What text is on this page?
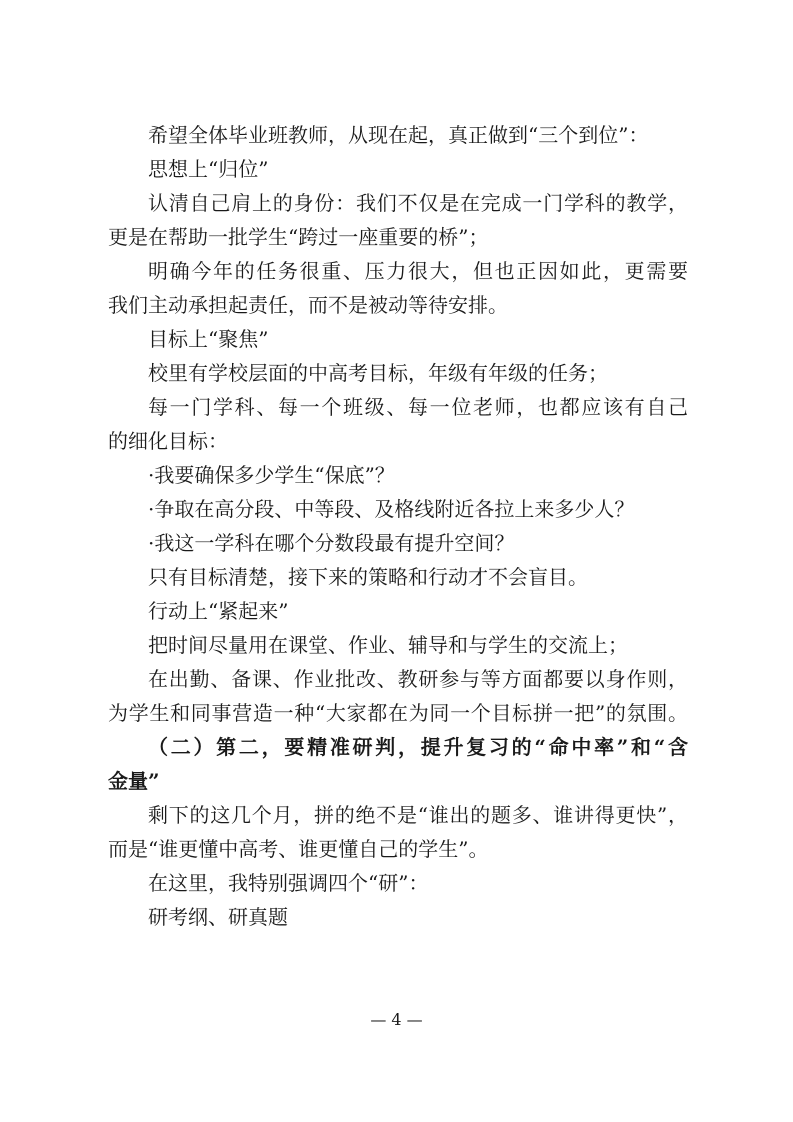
希望全体毕业班教师，从现在起，真正做到“三个到位”：
思想上“归位”
认清自己肩上的身份：我们不仅是在完成一门学科的教学，
更是在帮助一批学生“跨过一座重要的桥”；
明确今年的任务很重、压力很大，但也正因如此，更需要
我们主动承担起责任，而不是被动等待安排。
目标上“聚焦”
校里有学校层面的中高考目标，年级有年级的任务；
每一门学科、每一个班级、每一位老师，也都应该有自己
的细化目标：
·我要确保多少学生“保底”？
·争取在高分段、中等段、及格线附近各拉上来多少人？
·我这一学科在哪个分数段最有提升空间？
只有目标清楚，接下来的策略和行动才不会盲目。
行动上“紧起来”
把时间尽量用在课堂、作业、辅导和与学生的交流上；
在出勤、备课、作业批改、教研参与等方面都要以身作则，
为学生和同事营造一种“大家都在为同一个目标拼一把”的氛围。
（二）第二，要精准研判，提升复习的“命中率”和“含
金量”
剩下的这几个月，拼的绝不是“谁出的题多、谁讲得更快”，
而是“谁更懂中高考、谁更懂自己的学生”。
在这里，我特别强调四个“研”：
研考纲、研真题
— 4 —
